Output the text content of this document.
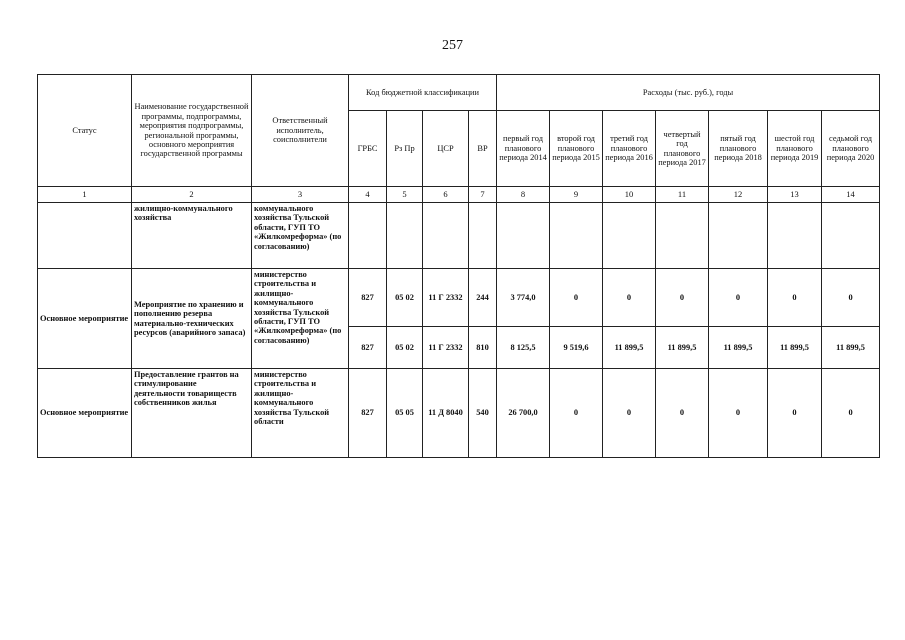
257
Статус	Наименование государственной программы, подпрограммы, мероприятия подпрограммы, региональной программы, основного мероприятия государственной программы	Ответственный исполнитель, соисполнители	Код бюджетной классификации				Расходы (тыс. руб.), годы						
			ГРБС	Рз Пр	ЦСР	ВР	первый год планового периода 2014	второй год планового периода 2015	третий год планового периода 2016	четвертый год планового периода 2017	пятый год планового периода 2018	шестой год планового периода 2019	седьмой год планового периода 2020
1	2	3	4	5	6	7	8	9	10	11	12	13	14
	жилищно-коммунального хозяйства	коммунального хозяйства Тульской области, ГУП ТО «Жилкомреформа» (по согласованию)											
Основное мероприятие	Мероприятие по хранению и пополнению резерва материально-технических ресурсов (аварийного запаса)	министерство строительства и жилищно-коммунального хозяйства Тульской области, ГУП ТО «Жилкомреформа» (по согласованию)	827	05 02	11 Г 2332	244	3 774,0	0	0	0	0	0	0
			827	05 02	11 Г 2332	810	8 125,5	9 519,6	11 899,5	11 899,5	11 899,5	11 899,5	11 899,5
Основное мероприятие	Предоставление грантов на стимулирование деятельности товариществ собственников жилья	министерство строительства и жилищно-коммунального хозяйства Тульской области	827	05 05	11 Д 8040	540	26 700,0	0	0	0	0	0	0
